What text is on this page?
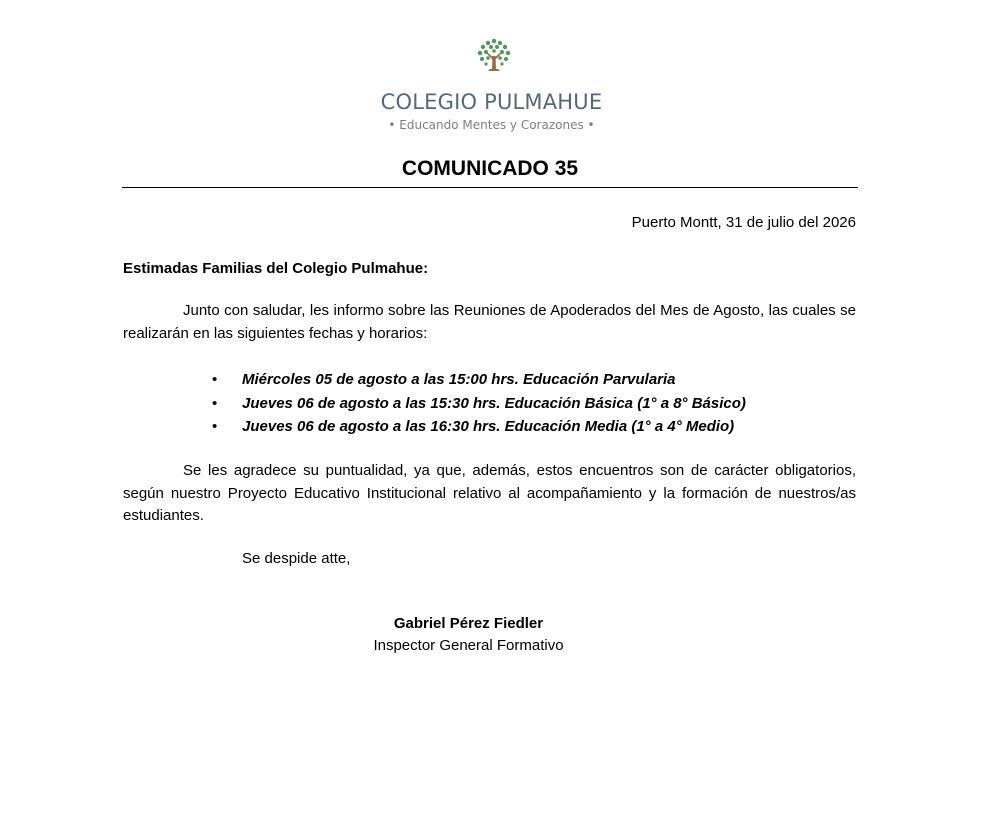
COLEGIO PULMAHUE
• Educando Mentes y Corazones •
COMUNICADO 35
Puerto Montt, 31 de julio del 2026
Estimadas Familias del Colegio Pulmahue:
Junto con saludar, les informo sobre las Reuniones de Apoderados del Mes de Agosto, las cuales se realizarán en las siguientes fechas y horarios:
• Miércoles 05 de agosto a las 15:00 hrs. Educación Parvularia
• Jueves 06 de agosto a las 15:30 hrs. Educación Básica (1° a 8° Básico)
• Jueves 06 de agosto a las 16:30 hrs. Educación Media (1° a 4° Medio)
Se les agradece su puntualidad, ya que, además, estos encuentros son de carácter obligatorios, según nuestro Proyecto Educativo Institucional relativo al acompañamiento y la formación de nuestros/as estudiantes.
Se despide atte,
Gabriel Pérez Fiedler
Inspector General Formativo
